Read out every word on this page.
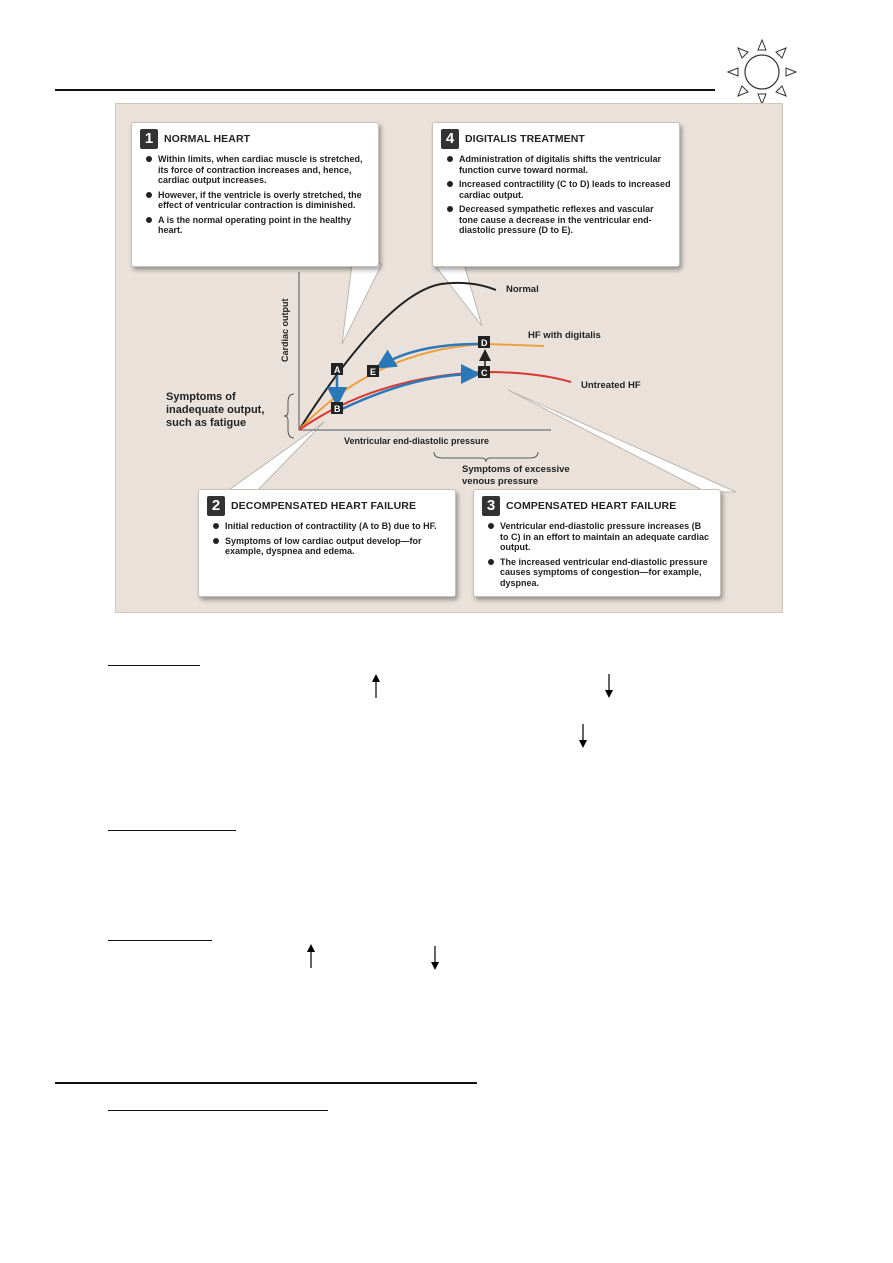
Cardiac output
Ventricular end-diastolic pressure
A
B
C
D
E
Normal
HF with digitalis
Untreated HF
Symptoms of
inadequate output,
such as fatigue
Symptoms of excessive
venous pressure
1	NORMAL HEART
Within limits, when cardiac muscle is stretched, its force of contraction increases and, hence, cardiac output increases.
However, if the ventricle is overly stretched, the effect of ventricular contraction is diminished.
A is the normal operating point in the healthy heart.
4	DIGITALIS TREATMENT
Administration of digitalis shifts the ventricular function curve toward normal.
Increased contractility (C to D) leads to increased cardiac output.
Decreased sympathetic reflexes and vascular tone cause a decrease in the ventricular end-diastolic pressure (D to E).
2	DECOMPENSATED HEART FAILURE
Initial reduction of contractility (A to B) due to HF.
Symptoms of low cardiac output develop—for example, dyspnea and edema.
3	COMPENSATED HEART FAILURE
Ventricular end-diastolic pressure increases (B to C) in an effort to maintain an adequate cardiac output.
The increased ventricular end-diastolic pressure causes symptoms of congestion—for example, dyspnea.
